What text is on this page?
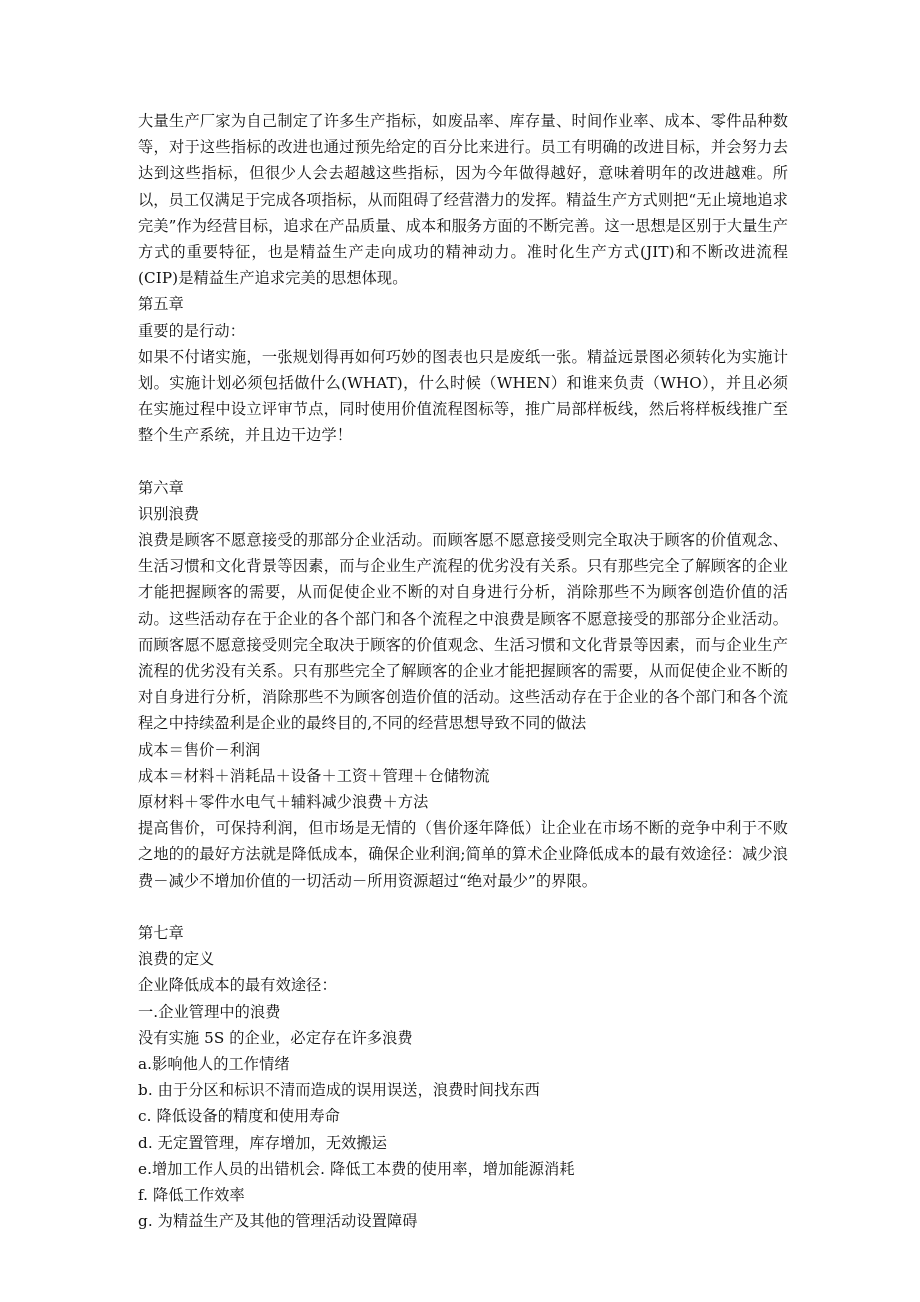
大量生产厂家为自己制定了许多生产指标，如废品率、库存量、时间作业率、成本、零件品种数等，对于这些指标的改进也通过预先给定的百分比来进行。员工有明确的改进目标，并会努力去达到这些指标，但很少人会去超越这些指标，因为今年做得越好，意味着明年的改进越难。所以，员工仅满足于完成各项指标，从而阻碍了经营潜力的发挥。精益生产方式则把“无止境地追求完美”作为经营目标，追求在产品质量、成本和服务方面的不断完善。这一思想是区别于大量生产方式的重要特征，也是精益生产走向成功的精神动力。准时化生产方式(JIT)和不断改进流程(CIP)是精益生产追求完美的思想体现。

第五章

重要的是行动：

如果不付诸实施，一张规划得再如何巧妙的图表也只是废纸一张。精益远景图必须转化为实施计划。实施计划必须包括做什么(WHAT)，什么时候（WHEN）和谁来负责（WHO），并且必须在实施过程中设立评审节点，同时使用价值流程图标等，推广局部样板线，然后将样板线推广至整个生产系统，并且边干边学！

第六章

识别浪费

浪费是顾客不愿意接受的那部分企业活动。而顾客愿不愿意接受则完全取决于顾客的价值观念、生活习惯和文化背景等因素，而与企业生产流程的优劣没有关系。只有那些完全了解顾客的企业才能把握顾客的需要，从而促使企业不断的对自身进行分析，消除那些不为顾客创造价值的活动。这些活动存在于企业的各个部门和各个流程之中浪费是顾客不愿意接受的那部分企业活动。而顾客愿不愿意接受则完全取决于顾客的价值观念、生活习惯和文化背景等因素，而与企业生产流程的优劣没有关系。只有那些完全了解顾客的企业才能把握顾客的需要，从而促使企业不断的对自身进行分析，消除那些不为顾客创造价值的活动。这些活动存在于企业的各个部门和各个流程之中持续盈利是企业的最终目的,不同的经营思想导致不同的做法

成本＝售价－利润

成本＝材料＋消耗品＋设备＋工资＋管理＋仓储物流

原材料＋零件水电气＋辅料减少浪费＋方法

提高售价，可保持利润，但市场是无情的（售价逐年降低）让企业在市场不断的竞争中利于不败之地的的最好方法就是降低成本，确保企业利润;简单的算术企业降低成本的最有效途径：减少浪费－减少不增加价值的一切活动－所用资源超过“绝对最少”的界限。

第七章

浪费的定义

企业降低成本的最有效途径：

一.企业管理中的浪费

没有实施 5S 的企业，必定存在许多浪费

a.影响他人的工作情绪

b. 由于分区和标识不清而造成的误用误送，浪费时间找东西

c. 降低设备的精度和使用寿命

d. 无定置管理，库存增加，无效搬运

e.增加工作人员的出错机会. 降低工本费的使用率，增加能源消耗

f. 降低工作效率

g. 为精益生产及其他的管理活动设置障碍
